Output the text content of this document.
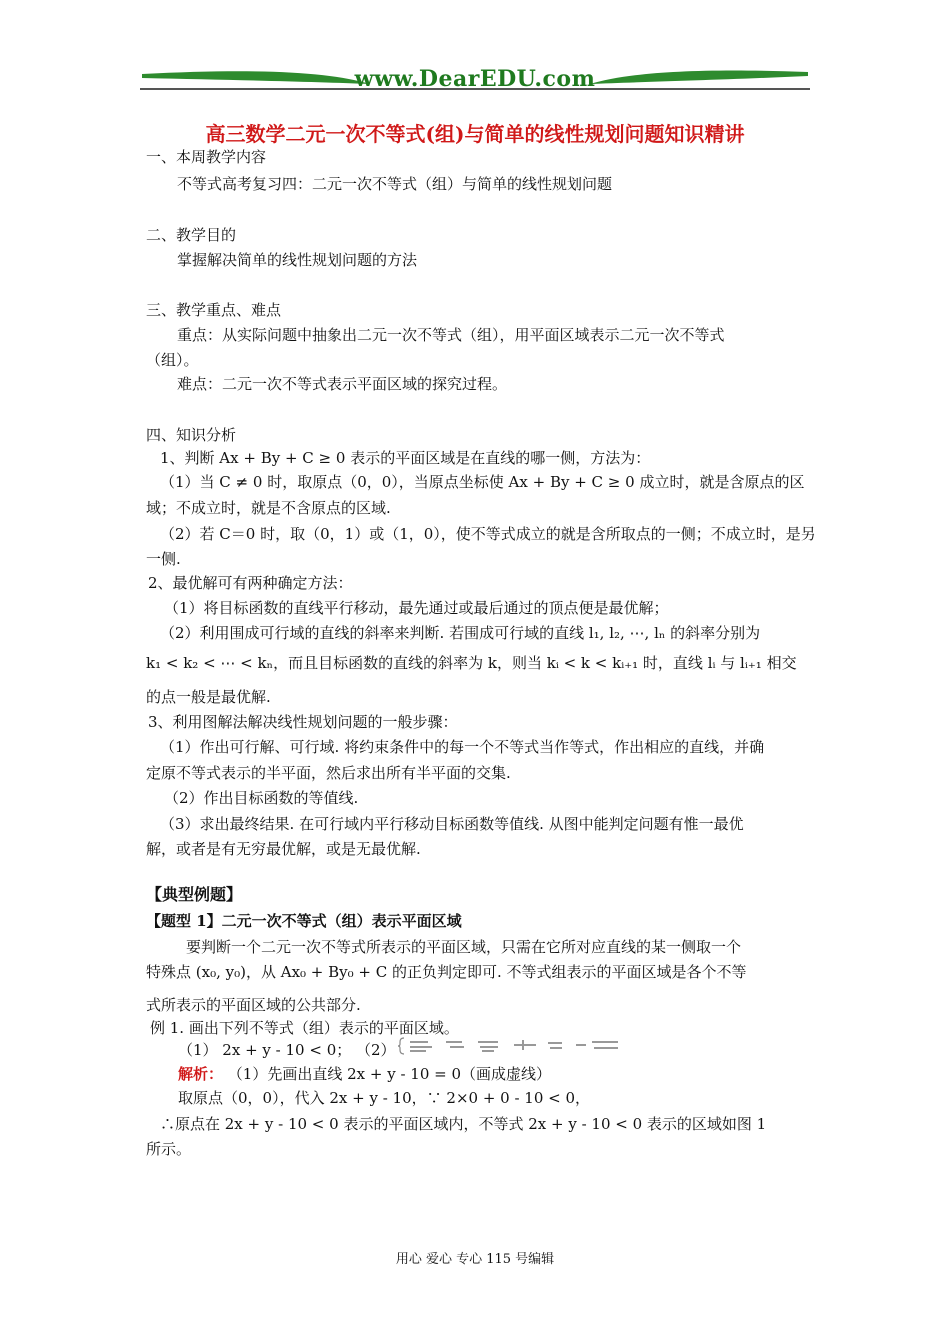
www.DearEDU.com
高三数学二元一次不等式(组)与简单的线性规划问题知识精讲
一、本周教学内容
不等式高考复习四：二元一次不等式（组）与简单的线性规划问题
二、教学目的
掌握解决简单的线性规划问题的方法
三、教学重点、难点
重点：从实际问题中抽象出二元一次不等式（组），用平面区域表示二元一次不等式
（组）。
难点：二元一次不等式表示平面区域的探究过程。
四、知识分析
1、判断 Ax + By + C ≥ 0 表示的平面区域是在直线的哪一侧，方法为：
（1）当 C ≠ 0 时，取原点（0，0），当原点坐标使 Ax + By + C ≥ 0 成立时，就是含原点的区
域；不成立时，就是不含原点的区域.
（2）若 C＝0 时，取（0，1）或（1，0），使不等式成立的就是含所取点的一侧；不成立时，是另
一侧.
2、最优解可有两种确定方法：
（1）将目标函数的直线平行移动，最先通过或最后通过的顶点便是最优解；
（2）利用围成可行域的直线的斜率来判断. 若围成可行域的直线 l₁, l₂, ⋯, lₙ 的斜率分别为
k₁ < k₂ < ⋯ < kₙ，而且目标函数的直线的斜率为 k，则当 kᵢ < k < kᵢ₊₁ 时，直线 lᵢ 与 lᵢ₊₁ 相交
的点一般是最优解.
3、利用图解法解决线性规划问题的一般步骤：
（1）作出可行解、可行域. 将约束条件中的每一个不等式当作等式，作出相应的直线，并确
定原不等式表示的半平面，然后求出所有半平面的交集.
（2）作出目标函数的等值线.
（3）求出最终结果. 在可行域内平行移动目标函数等值线. 从图中能判定问题有惟一最优
解，或者是有无穷最优解，或是无最优解.
【典型例题】
【题型 1】二元一次不等式（组）表示平面区域
要判断一个二元一次不等式所表示的平面区域，只需在它所对应直线的某一侧取一个
特殊点 (x₀, y₀)，从 Ax₀ + By₀ + C 的正负判定即可. 不等式组表示的平面区域是各个不等
式所表示的平面区域的公共部分.
例 1. 画出下列不等式（组）表示的平面区域。
（1） 2x + y - 10 < 0； （2）
解析： （1）先画出直线 2x + y - 10 = 0（画成虚线）
取原点（0，0），代入 2x + y - 10，∵ 2×0 + 0 - 10 < 0，
∴原点在 2x + y - 10 < 0 表示的平面区域内，不等式 2x + y - 10 < 0 表示的区域如图 1
所示。
用心 爱心 专心 115 号编辑
